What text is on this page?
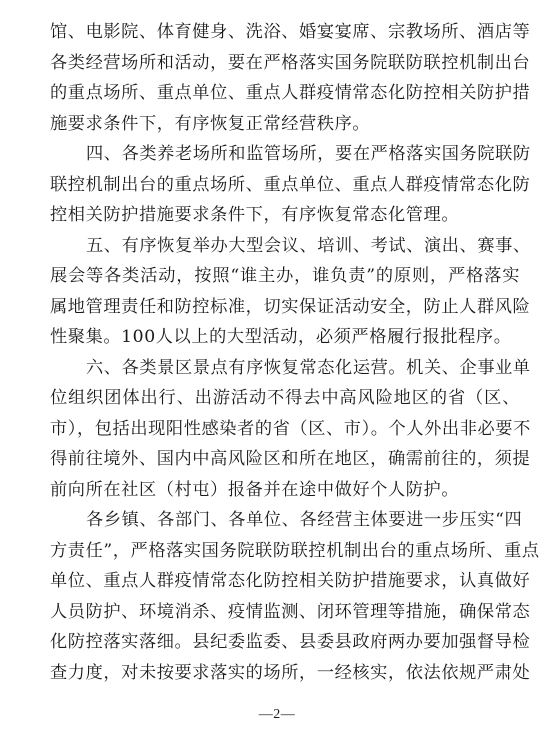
馆、电影院、体育健身、洗浴、婚宴宴席、宗教场所、酒店等
各类经营场所和活动，要在严格落实国务院联防联控机制出台
的重点场所、重点单位、重点人群疫情常态化防控相关防护措
施要求条件下，有序恢复正常经营秩序。
四、各类养老场所和监管场所，要在严格落实国务院联防
联控机制出台的重点场所、重点单位、重点人群疫情常态化防
控相关防护措施要求条件下，有序恢复常态化管理。
五、有序恢复举办大型会议、培训、考试、演出、赛事、
展会等各类活动，按照“谁主办，谁负责”的原则，严格落实
属地管理责任和防控标准，切实保证活动安全，防止人群风险
性聚集。100人以上的大型活动，必须严格履行报批程序。
六、各类景区景点有序恢复常态化运营。机关、企事业单
位组织团体出行、出游活动不得去中高风险地区的省（区、
市），包括出现阳性感染者的省（区、市）。个人外出非必要不
得前往境外、国内中高风险区和所在地区，确需前往的，须提
前向所在社区（村屯）报备并在途中做好个人防护。
各乡镇、各部门、各单位、各经营主体要进一步压实“四
方责任”，严格落实国务院联防联控机制出台的重点场所、重点
单位、重点人群疫情常态化防控相关防护措施要求，认真做好
人员防护、环境消杀、疫情监测、闭环管理等措施，确保常态
化防控落实落细。县纪委监委、县委县政府两办要加强督导检
—2—
查力度，对未按要求落实的场所，一经核实，依法依规严肃处
